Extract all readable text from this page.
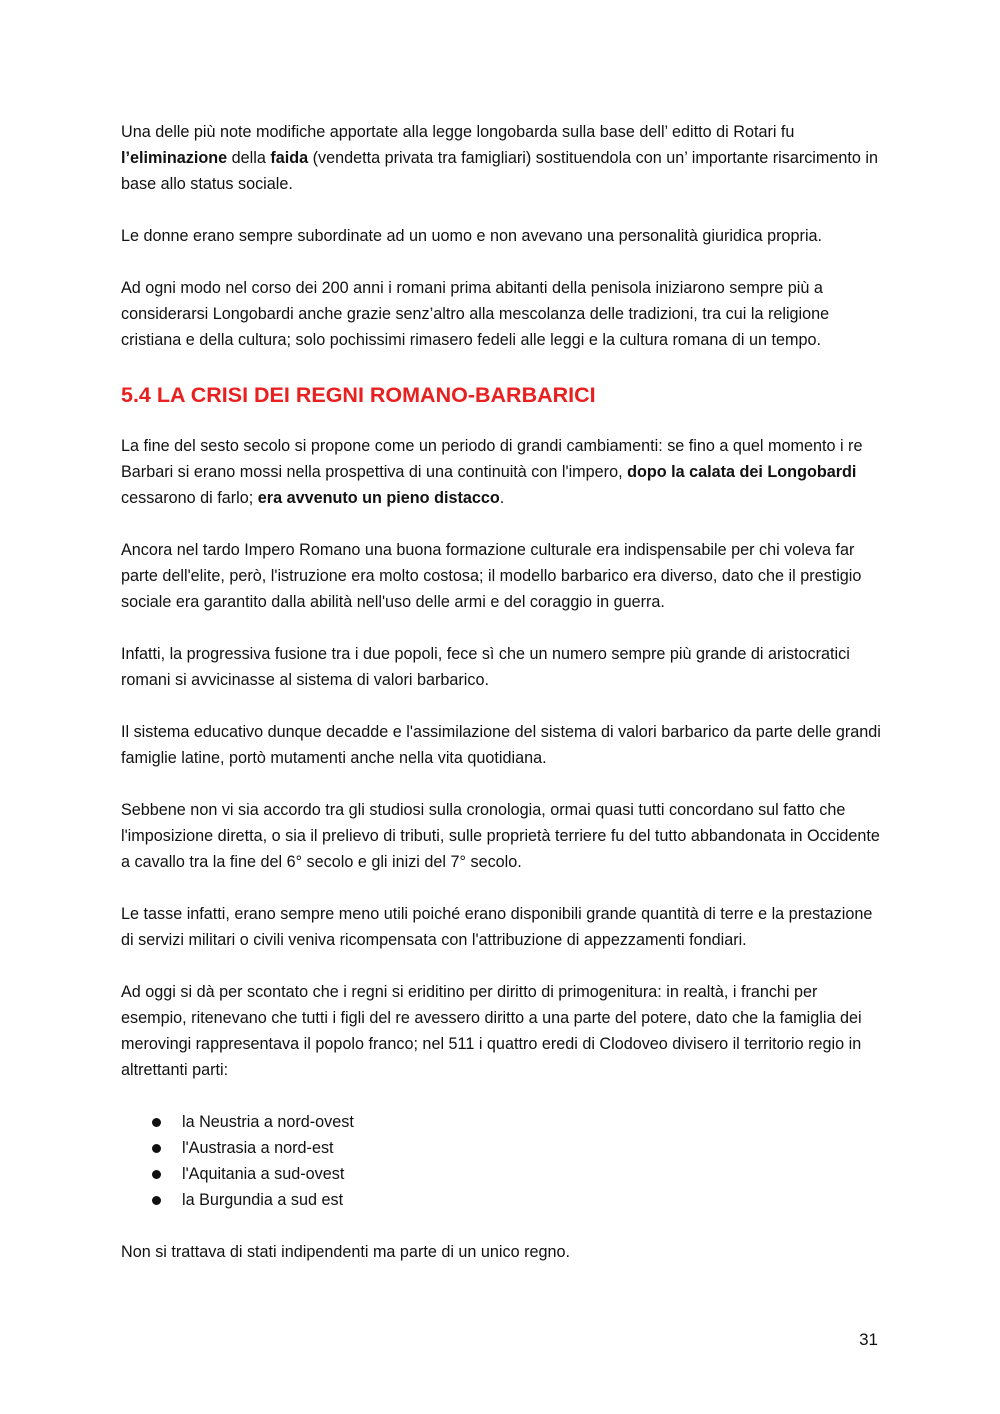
Una delle più note modifiche apportate alla legge longobarda sulla base dell’ editto di Rotari fu l’eliminazione della faida (vendetta privata tra famigliari) sostituendola con un’ importante risarcimento in base allo status sociale.

Le donne erano sempre subordinate ad un uomo e non avevano una personalità giuridica propria.

Ad ogni modo nel corso dei 200 anni i romani prima abitanti della penisola iniziarono sempre più a considerarsi Longobardi anche grazie senz’altro alla mescolanza delle tradizioni, tra cui la religione cristiana e della cultura; solo pochissimi rimasero fedeli alle leggi e la cultura romana di un tempo.

5.4 LA CRISI DEI REGNI ROMANO-BARBARICI

La fine del sesto secolo si propone come un periodo di grandi cambiamenti: se fino a quel momento i re Barbari si erano mossi nella prospettiva di una continuità con l'impero, dopo la calata dei Longobardi cessarono di farlo; era avvenuto un pieno distacco.

Ancora nel tardo Impero Romano una buona formazione culturale era indispensabile per chi voleva far parte dell'elite, però, l'istruzione era molto costosa; il modello barbarico era diverso, dato che il prestigio sociale era garantito dalla abilità nell'uso delle armi e del coraggio in guerra.

Infatti, la progressiva fusione tra i due popoli, fece sì che un numero sempre più grande di aristocratici romani si avvicinasse al sistema di valori barbarico.

Il sistema educativo dunque decadde e l'assimilazione del sistema di valori barbarico da parte delle grandi famiglie latine, portò mutamenti anche nella vita quotidiana.

Sebbene non vi sia accordo tra gli studiosi sulla cronologia, ormai quasi tutti concordano sul fatto che l'imposizione diretta, o sia il prelievo di tributi, sulle proprietà terriere fu del tutto abbandonata in Occidente a cavallo tra la fine del 6° secolo e gli inizi del 7° secolo.

Le tasse infatti, erano sempre meno utili poiché erano disponibili grande quantità di terre e la prestazione di servizi militari o civili veniva ricompensata con l'attribuzione di appezzamenti fondiari.

Ad oggi si dà per scontato che i regni si eriditino per diritto di primogenitura: in realtà, i franchi per esempio, ritenevano che tutti i figli del re avessero diritto a una parte del potere, dato che la famiglia dei merovingi rappresentava il popolo franco; nel 511 i quattro eredi di Clodoveo divisero il territorio regio in altrettanti parti:

la Neustria a nord-ovest
l'Austrasia a nord-est
l'Aquitania a sud-ovest
la Burgundia a sud est

Non si trattava di stati indipendenti ma parte di un unico regno.

31
